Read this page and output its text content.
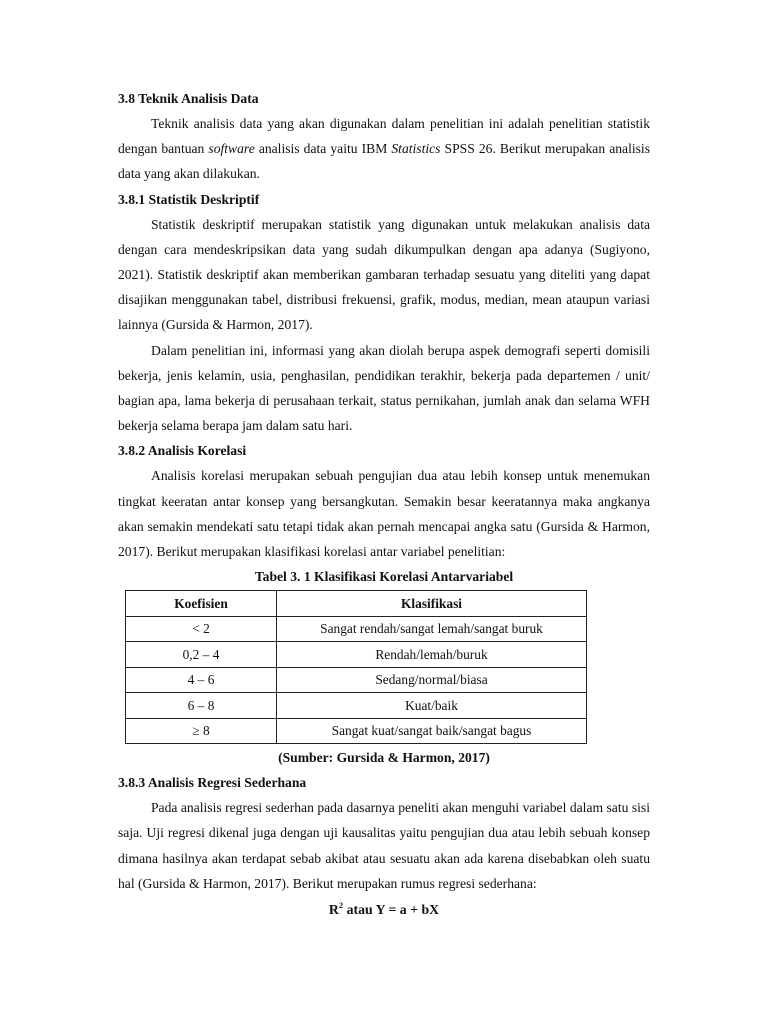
3.8 Teknik Analisis Data

Teknik analisis data yang akan digunakan dalam penelitian ini adalah penelitian statistik dengan bantuan software analisis data yaitu IBM Statistics SPSS 26. Berikut merupakan analisis data yang akan dilakukan.

3.8.1 Statistik Deskriptif

Statistik deskriptif merupakan statistik yang digunakan untuk melakukan analisis data dengan cara mendeskripsikan data yang sudah dikumpulkan dengan apa adanya (Sugiyono, 2021). Statistik deskriptif akan memberikan gambaran terhadap sesuatu yang diteliti yang dapat disajikan menggunakan tabel, distribusi frekuensi, grafik, modus, median, mean ataupun variasi lainnya (Gursida & Harmon, 2017).

Dalam penelitian ini, informasi yang akan diolah berupa aspek demografi seperti domisili bekerja, jenis kelamin, usia, penghasilan, pendidikan terakhir, bekerja pada departemen / unit/ bagian apa, lama bekerja di perusahaan terkait, status pernikahan, jumlah anak dan selama WFH bekerja selama berapa jam dalam satu hari.

3.8.2 Analisis Korelasi

Analisis korelasi merupakan sebuah pengujian dua atau lebih konsep untuk menemukan tingkat keeratan antar konsep yang bersangkutan. Semakin besar keeratannya maka angkanya akan semakin mendekati satu tetapi tidak akan pernah mencapai angka satu (Gursida & Harmon, 2017). Berikut merupakan klasifikasi korelasi antar variabel penelitian:

Tabel 3. 1 Klasifikasi Korelasi Antarvariabel
Koefisien	Klasifikasi
< 2	Sangat rendah/sangat lemah/sangat buruk
0,2 – 4	Rendah/lemah/buruk
4 – 6	Sedang/normal/biasa
6 – 8	Kuat/baik
≥ 8	Sangat kuat/sangat baik/sangat bagus
(Sumber: Gursida & Harmon, 2017)
3.8.3 Analisis Regresi Sederhana

Pada analisis regresi sederhan pada dasarnya peneliti akan menguhi variabel dalam satu sisi saja. Uji regresi dikenal juga dengan uji kausalitas yaitu pengujian dua atau lebih sebuah konsep dimana hasilnya akan terdapat sebab akibat atau sesuatu akan ada karena disebabkan oleh suatu hal (Gursida & Harmon, 2017). Berikut merupakan rumus regresi sederhana:

$R^2$ atau Y = a + bX
